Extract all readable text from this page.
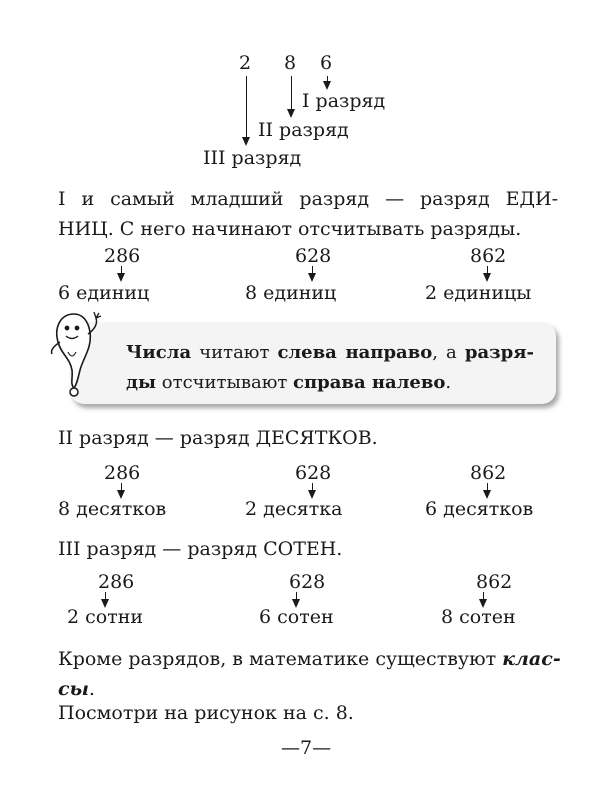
2 8 6
I разряд
II разряд
III разряд
I и самый младший разряд — разряд ЕДИ-
НИЦ. С него начинают отсчитывать разряды.
286
6 единиц
628
8 единиц
862
2 единицы
Числа читают слева направо, а разря-
ды отсчитывают справа налево.
II разряд — разряд ДЕСЯТКОВ.
286
8 десятков
628
2 десятка
862
6 десятков
III разряд — разряд СОТЕН.
286
2 сотни
628
6 сотен
862
8 сотен
Кроме разрядов, в математике существуют клас-
сы.
Посмотри на рисунок на с. 8.
—7—
